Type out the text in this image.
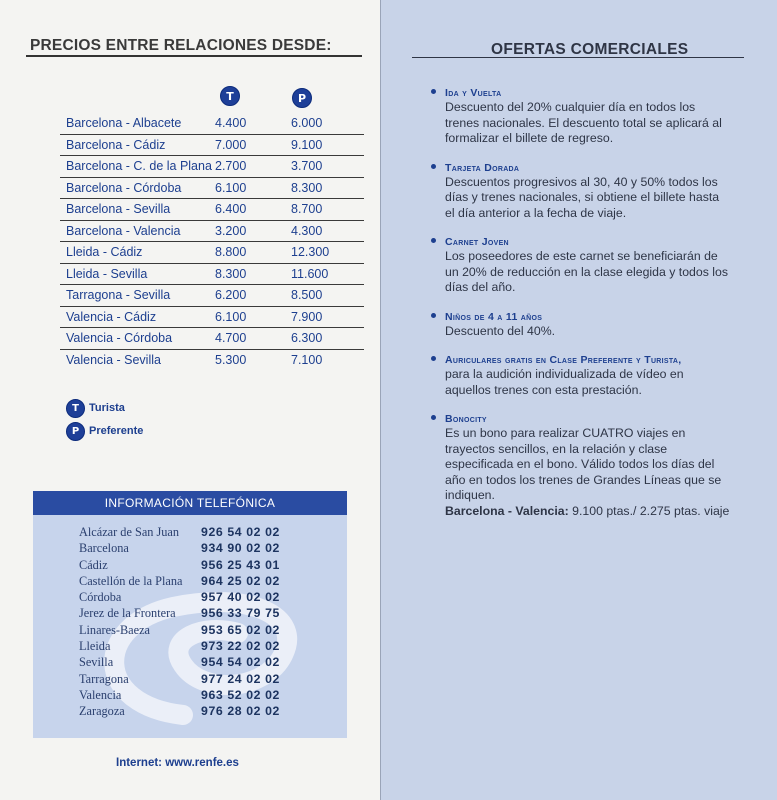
PRECIOS ENTRE RELACIONES DESDE:
T	P
Barcelona - Albacete	4.400	6.000
Barcelona - Cádiz	7.000	9.100
Barcelona - C. de la Plana 2.700	3.700
Barcelona - Córdoba	6.100	8.300
Barcelona - Sevilla	6.400	8.700
Barcelona - Valencia	3.200	4.300
Lleida - Cádiz	8.800	12.300
Lleida - Sevilla	8.300	11.600
Tarragona - Sevilla	6.200	8.500
Valencia - Cádiz	6.100	7.900
Valencia - Córdoba	4.700	6.300
Valencia - Sevilla	5.300	7.100
T Turista
P Preferente
INFORMACIÓN TELEFÓNICA
Alcázar de San Juan 926 54 02 02
Barcelona	934 90 02 02
Cádiz	956 25 43 01
Castellón de la Plana 964 25 02 02
Córdoba	957 40 02 02
Jerez de la Frontera 956 33 79 75
Linares-Baeza	953 65 02 02
Lleida	973 22 02 02
Sevilla	954 54 02 02
Tarragona	977 24 02 02
Valencia	963 52 02 02
Zaragoza	976 28 02 02
Internet: www.renfe.es
OFERTAS COMERCIALES
Ida y Vuelta
Descuento del 20% cualquier día en todos los trenes nacionales. El descuento total se aplicará al formalizar el billete de regreso.
Tarjeta Dorada
Descuentos progresivos al 30, 40 y 50% todos los días y trenes nacionales, si obtiene el billete hasta el día anterior a la fecha de viaje.
Carnet Joven
Los poseedores de este carnet se beneficiarán de un 20% de reducción en la clase elegida y todos los días del año.
Niños de 4 a 11 años
Descuento del 40%.
Auriculares gratis en Clase Preferente y Turista,
para la audición individualizada de vídeo en aquellos trenes con esta prestación.
Bonocity
Es un bono para realizar CUATRO viajes en trayectos sencillos, en la relación y clase especificada en el bono. Válido todos los días del año en todos los trenes de Grandes Líneas que se indiquen.
Barcelona - Valencia: 9.100 ptas./ 2.275 ptas. viaje
